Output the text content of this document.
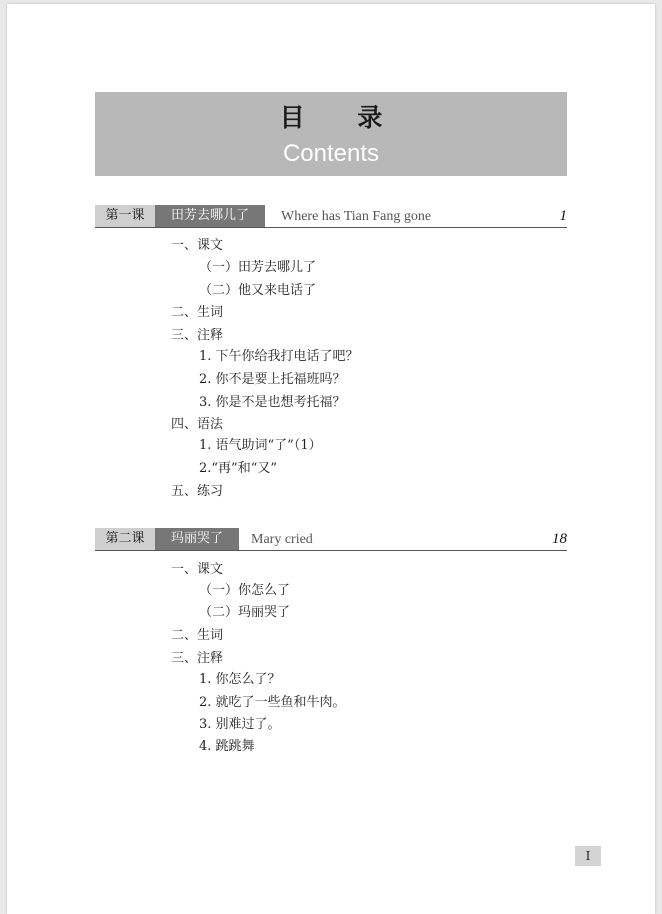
目 录
Contents
第一课	田芳去哪儿了	Where has Tian Fang gone	1
一、课文
（一）田芳去哪儿了
（二）他又来电话了
二、生词
三、注释
1. 下午你给我打电话了吧？
2. 你不是要上托福班吗？
3. 你是不是也想考托福？
四、语法
1. 语气助词“了”（1）
2.“再”和“又”
五、练习
第二课	玛丽哭了	Mary cried	18
一、课文
（一）你怎么了
（二）玛丽哭了
二、生词
三、注释
1. 你怎么了？
2. 就吃了一些鱼和牛肉。
3. 别难过了。
4. 跳跳舞
I
